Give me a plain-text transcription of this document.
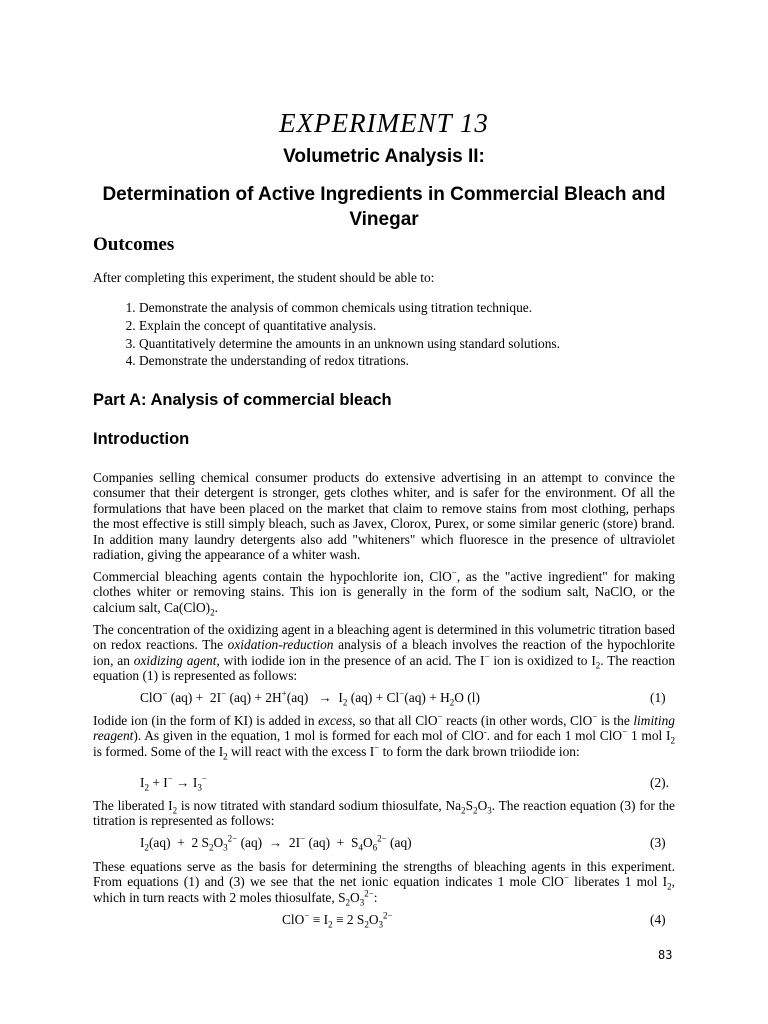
EXPERIMENT 13
Volumetric Analysis II:
Determination of Active Ingredients in Commercial Bleach and Vinegar
Outcomes
After completing this experiment, the student should be able to:
1. Demonstrate the analysis of common chemicals using titration technique.
2. Explain the concept of quantitative analysis.
3. Quantitatively determine the amounts in an unknown using standard solutions.
4. Demonstrate the understanding of redox titrations.
Part A: Analysis of commercial bleach
Introduction
Companies selling chemical consumer products do extensive advertising in an attempt to convince the consumer that their detergent is stronger, gets clothes whiter, and is safer for the environment. Of all the formulations that have been placed on the market that claim to remove stains from most clothing, perhaps the most effective is still simply bleach, such as Javex, Clorox, Purex, or some similar generic (store) brand. In addition many laundry detergents also add "whiteners" which fluoresce in the presence of ultraviolet radiation, giving the appearance of a whiter wash.
Commercial bleaching agents contain the hypochlorite ion, ClO−, as the "active ingredient" for making clothes whiter or removing stains. This ion is generally in the form of the sodium salt, NaClO, or the calcium salt, $Ca(ClO)_2$.
The concentration of the oxidizing agent in a bleaching agent is determined in this volumetric titration based on redox reactions. The oxidation-reduction analysis of a bleach involves the reaction of the hypochlorite ion, an oxidizing agent, with iodide ion in the presence of an acid. The I− ion is oxidized to $I_2$. The reaction equation (1) is represented as follows:
ClO− (aq) +  2I− $(aq) + 2H^+(aq) \to I_2$ $(aq) + Cl^-(aq) + H_2O$ (l)	(1)
Iodide ion (in the form of KI) is added in excess, so that all ClO− reacts (in other words, ClO− is the limiting reagent). As given in the equation, 1 mol is formed for each mol of ClO-. and for each 1 mol ClO− 1 mol $I_2$ is formed. Some of the $I_2$ will react with the excess I− to form the dark brown triiodide ion:
$I_2 + I^- \to I_3^-$	(2).
The liberated $I_2$ is now titrated with standard sodium thiosulfate, $Na_2S_2O_3$. The reaction equation (3) for the titration is represented as follows:
$I_2(aq) + 2$ $S_2O_3^{2-}$ (aq)  →  2I− $(aq) + S_4O_6^{2-}$ (aq)	(3)
These equations serve as the basis for determining the strengths of bleaching agents in this experiment. From equations (1) and (3) we see that the net ionic equation indicates 1 mole ClO− liberates 1 mol $I_2$, which in turn reacts with 2 moles thiosulfate, $S_2O_3^{2-}$:
$ClO^- \equiv I_2 \equiv 2$ $S_2O_3^{2-}$	(4)
83
